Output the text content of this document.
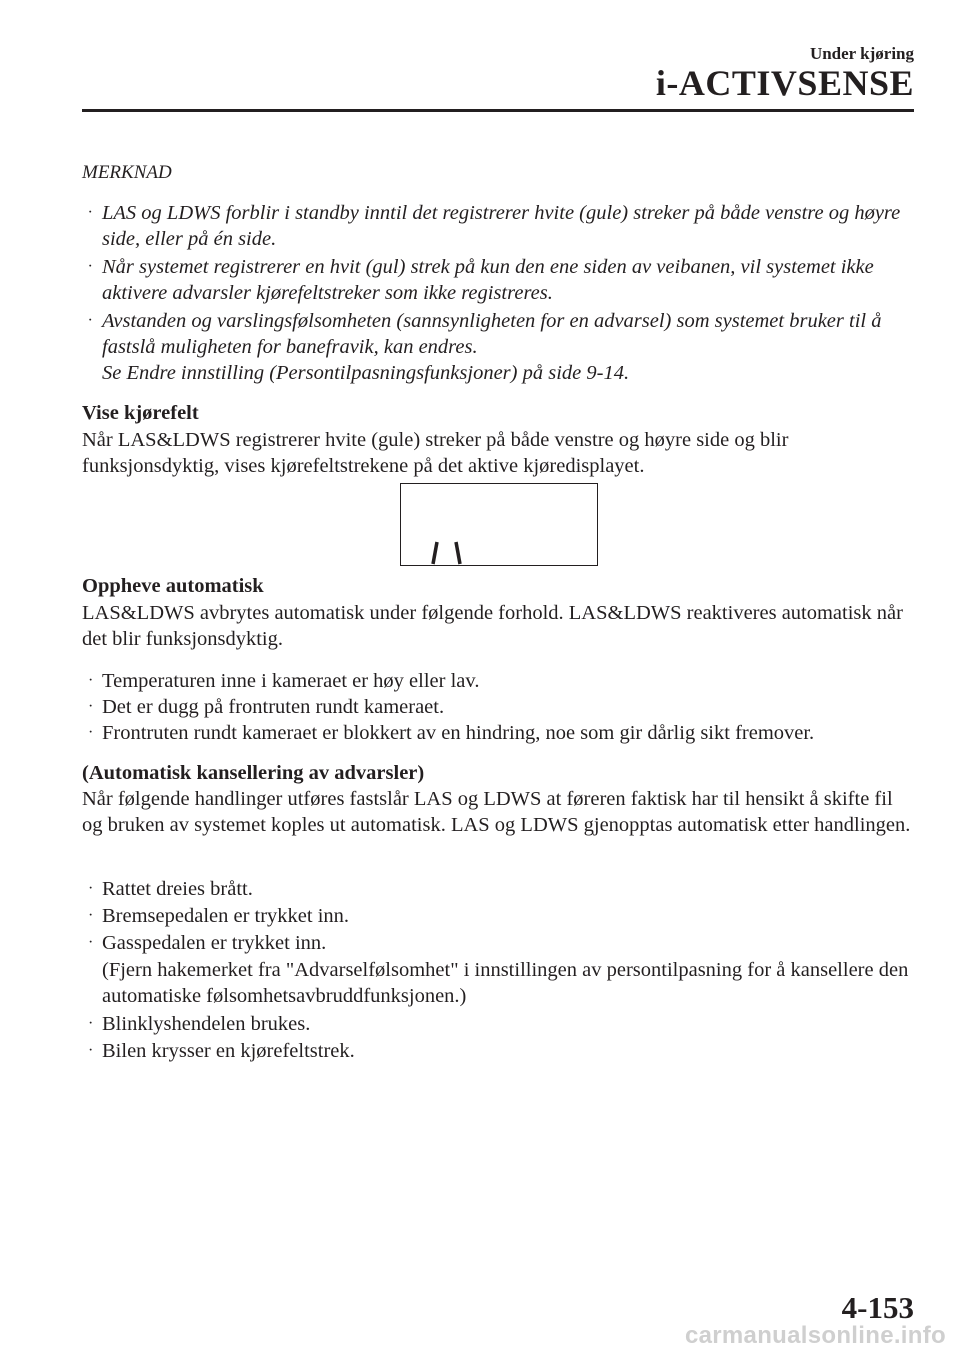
Under kjøring
i-ACTIVSENSE
MERKNAD
· LAS og LDWS forblir i standby inntil det registrerer hvite (gule) streker på både venstre og høyre side, eller på én side.
· Når systemet registrerer en hvit (gul) strek på kun den ene siden av veibanen, vil systemet ikke aktivere advarsler kjørefeltstreker som ikke registreres.
· Avstanden og varslingsfølsomheten (sannsynligheten for en advarsel) som systemet bruker til å fastslå muligheten for banefravik, kan endres.
Se Endre innstilling (Persontilpasningsfunksjoner) på side 9-14.
Vise kjørefelt
Når LAS&LDWS registrerer hvite (gule) streker på både venstre og høyre side og blir funksjonsdyktig, vises kjørefeltstrekene på det aktive kjøredisplayet.
Oppheve automatisk
LAS&LDWS avbrytes automatisk under følgende forhold. LAS&LDWS reaktiveres automatisk når det blir funksjonsdyktig.
· Temperaturen inne i kameraet er høy eller lav.
· Det er dugg på frontruten rundt kameraet.
· Frontruten rundt kameraet er blokkert av en hindring, noe som gir dårlig sikt fremover.
(Automatisk kansellering av advarsler)
Når følgende handlinger utføres fastslår LAS og LDWS at føreren faktisk har til hensikt å skifte fil og bruken av systemet koples ut automatisk. LAS og LDWS gjenopptas automatisk etter handlingen.
· Rattet dreies brått.
· Bremsepedalen er trykket inn.
· Gasspedalen er trykket inn.
(Fjern hakemerket fra "Advarselfølsomhet" i innstillingen av persontilpasning for å kansellere den automatiske følsomhetsavbruddfunksjonen.)
· Blinklyshendelen brukes.
· Bilen krysser en kjørefeltstrek.
4-153
carmanualsonline.info
